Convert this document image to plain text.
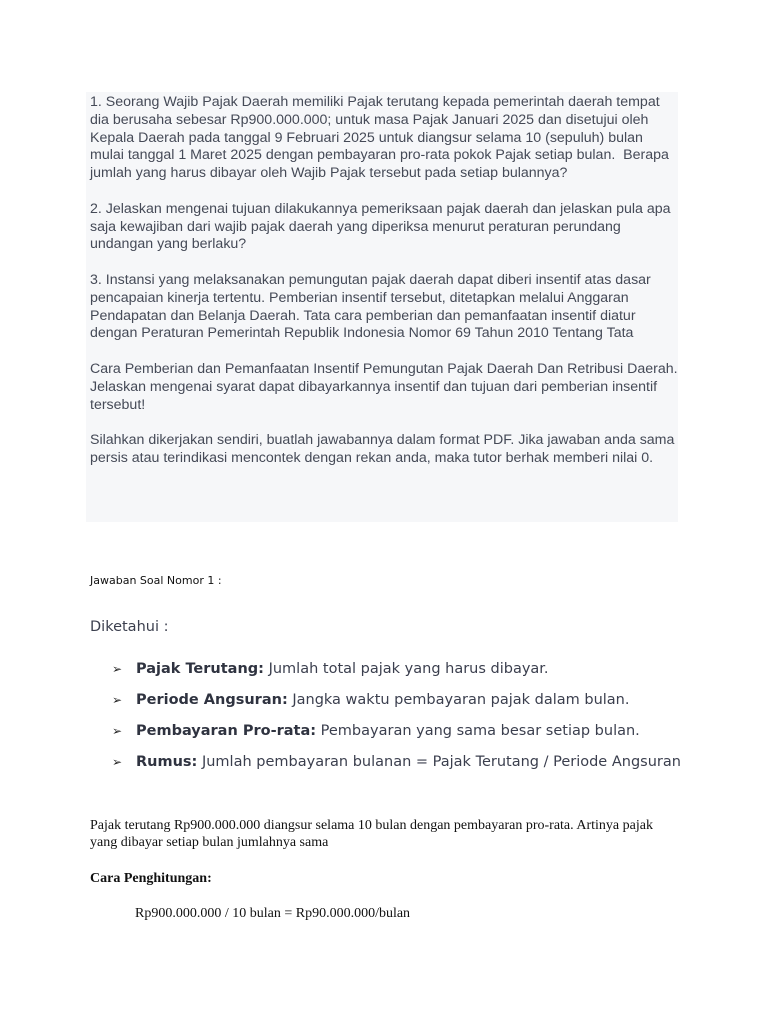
1. Seorang Wajib Pajak Daerah memiliki Pajak terutang kepada pemerintah daerah tempat dia berusaha sebesar Rp900.000.000; untuk masa Pajak Januari 2025 dan disetujui oleh Kepala Daerah pada tanggal 9 Februari 2025 untuk diangsur selama 10 (sepuluh) bulan mulai tanggal 1 Maret 2025 dengan pembayaran pro-rata pokok Pajak setiap bulan.  Berapa jumlah yang harus dibayar oleh Wajib Pajak tersebut pada setiap bulannya?

2. Jelaskan mengenai tujuan dilakukannya pemeriksaan pajak daerah dan jelaskan pula apa saja kewajiban dari wajib pajak daerah yang diperiksa menurut peraturan perundang undangan yang berlaku?

3. Instansi yang melaksanakan pemungutan pajak daerah dapat diberi insentif atas dasar pencapaian kinerja tertentu. Pemberian insentif tersebut, ditetapkan melalui Anggaran Pendapatan dan Belanja Daerah. Tata cara pemberian dan pemanfaatan insentif diatur dengan Peraturan Pemerintah Republik Indonesia Nomor 69 Tahun 2010 Tentang Tata

Cara Pemberian dan Pemanfaatan Insentif Pemungutan Pajak Daerah Dan Retribusi Daerah. Jelaskan mengenai syarat dapat dibayarkannya insentif dan tujuan dari pemberian insentif tersebut!

Silahkan dikerjakan sendiri, buatlah jawabannya dalam format PDF. Jika jawaban anda sama persis atau terindikasi mencontek dengan rekan anda, maka tutor berhak memberi nilai 0.

Jawaban Soal Nomor 1 :
Diketahui :
➢ Pajak Terutang: Jumlah total pajak yang harus dibayar.
➢ Periode Angsuran: Jangka waktu pembayaran pajak dalam bulan.
➢ Pembayaran Pro-rata: Pembayaran yang sama besar setiap bulan.
➢ Rumus: Jumlah pembayaran bulanan = Pajak Terutang / Periode Angsuran

Pajak terutang Rp900.000.000 diangsur selama 10 bulan dengan pembayaran pro-rata. Artinya pajak yang dibayar setiap bulan jumlahnya sama

Cara Penghitungan:
Rp900.000.000 / 10 bulan = Rp90.000.000/bulan
